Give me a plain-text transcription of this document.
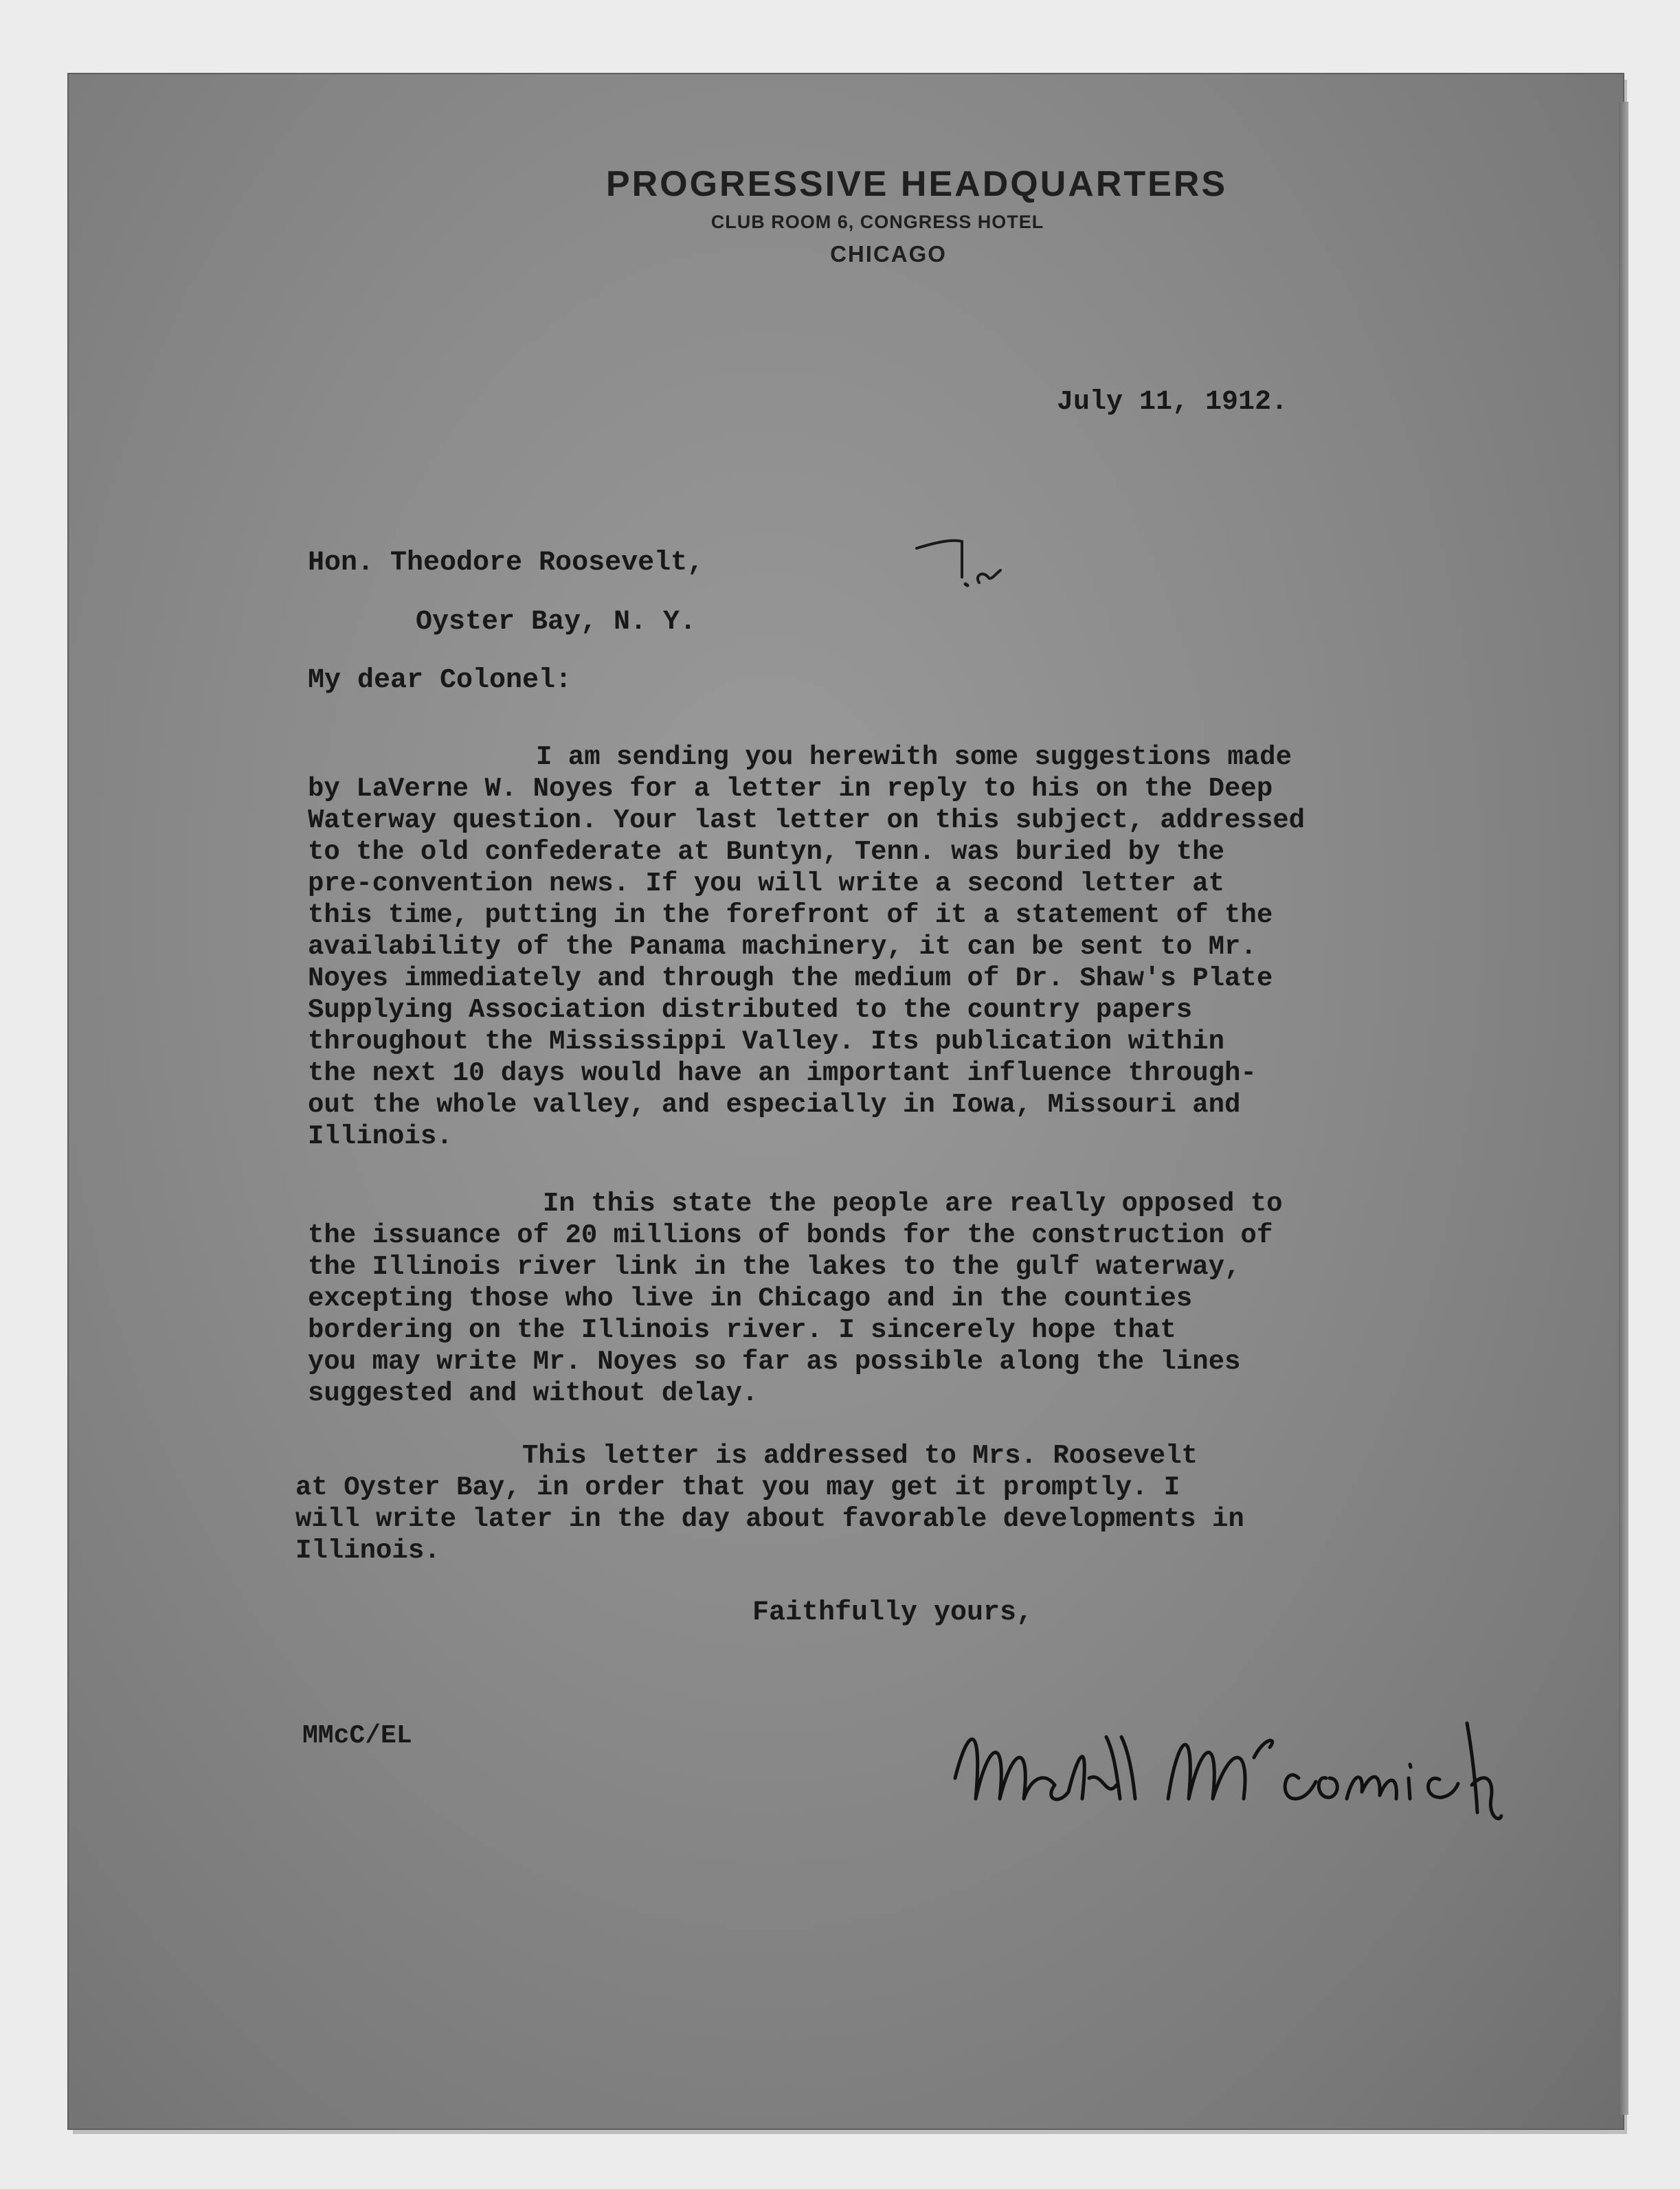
PROGRESSIVE HEADQUARTERS
CLUB ROOM 6, CONGRESS HOTEL
CHICAGO
July 11, 1912.
Hon. Theodore Roosevelt,
Oyster Bay, N. Y.
My dear Colonel:
I am sending you herewith some suggestions made
by LaVerne W. Noyes for a letter in reply to his on the Deep
Waterway question. Your last letter on this subject, addressed
to the old confederate at Buntyn, Tenn. was buried by the
pre-convention news. If you will write a second letter at
this time, putting in the forefront of it a statement of the
availability of the Panama machinery, it can be sent to Mr.
Noyes immediately and through the medium of Dr. Shaw's Plate
Supplying Association distributed to the country papers
throughout the Mississippi Valley. Its publication within
the next 10 days would have an important influence through-
out the whole valley, and especially in Iowa, Missouri and
Illinois.
In this state the people are really opposed to
the issuance of 20 millions of bonds for the construction of
the Illinois river link in the lakes to the gulf waterway,
excepting those who live in Chicago and in the counties
bordering on the Illinois river. I sincerely hope that
you may write Mr. Noyes so far as possible along the lines
suggested and without delay.
This letter is addressed to Mrs. Roosevelt
at Oyster Bay, in order that you may get it promptly. I
will write later in the day about favorable developments in
Illinois.
Faithfully yours,
MMcC/EL
